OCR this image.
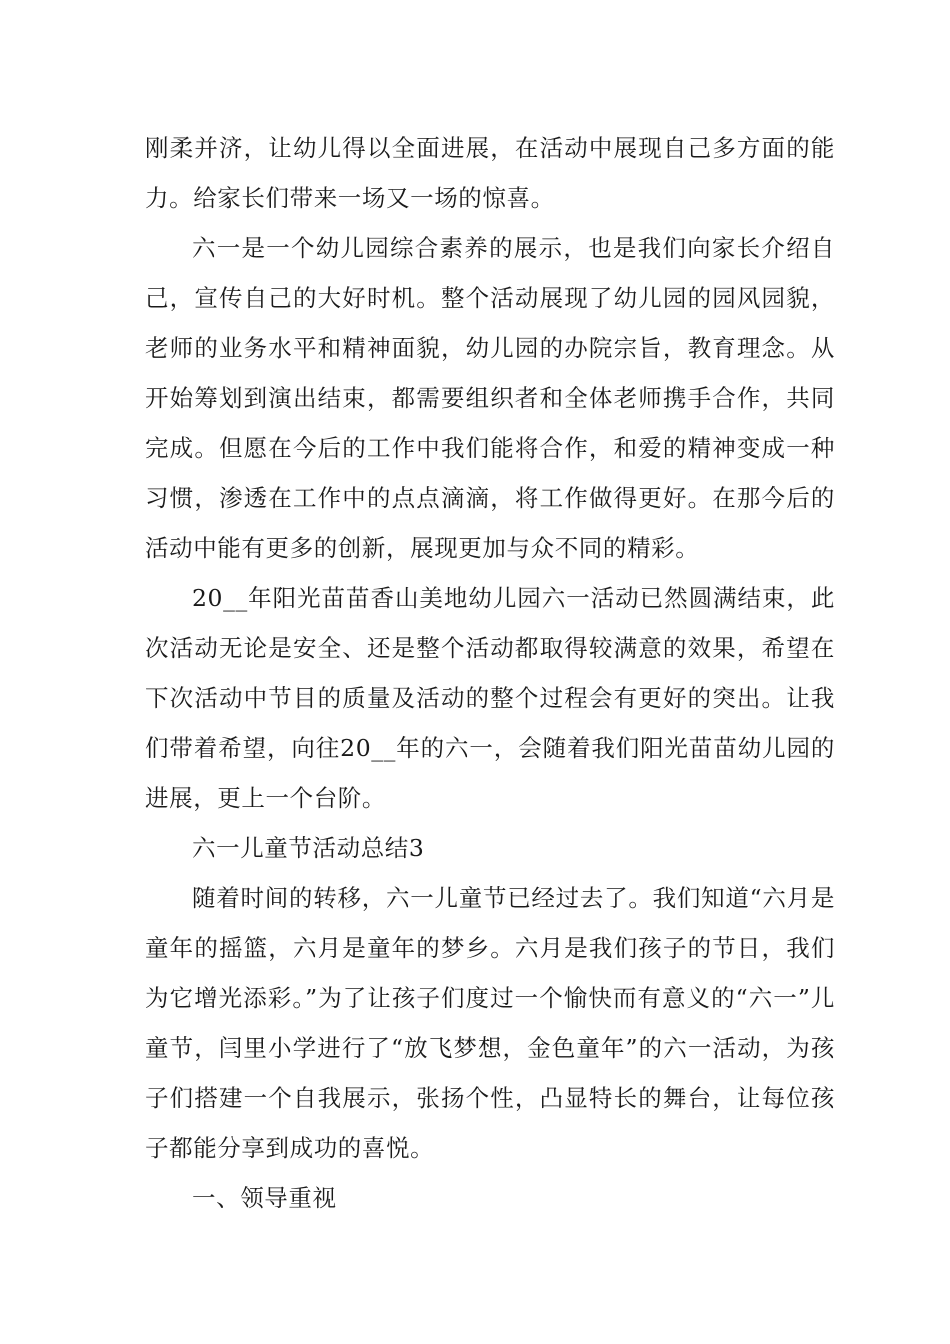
刚柔并济，让幼儿得以全面进展，在活动中展现自己多方面的能力。给家长们带来一场又一场的惊喜。

六一是一个幼儿园综合素养的展示，也是我们向家长介绍自己，宣传自己的大好时机。整个活动展现了幼儿园的园风园貌，老师的业务水平和精神面貌，幼儿园的办院宗旨，教育理念。从开始筹划到演出结束，都需要组织者和全体老师携手合作，共同完成。但愿在今后的工作中我们能将合作，和爱的精神变成一种习惯，渗透在工作中的点点滴滴，将工作做得更好。在那今后的活动中能有更多的创新，展现更加与众不同的精彩。

20__年阳光苗苗香山美地幼儿园六一活动已然圆满结束，此次活动无论是安全、还是整个活动都取得较满意的效果，希望在下次活动中节目的质量及活动的整个过程会有更好的突出。让我们带着希望，向往20__年的六一，会随着我们阳光苗苗幼儿园的进展，更上一个台阶。

六一儿童节活动总结3

随着时间的转移，六一儿童节已经过去了。我们知道“六月是童年的摇篮，六月是童年的梦乡。六月是我们孩子的节日，我们为它增光添彩。”为了让孩子们度过一个愉快而有意义的“六一”儿童节，闫里小学进行了“放飞梦想，金色童年”的六一活动，为孩子们搭建一个自我展示，张扬个性，凸显特长的舞台，让每位孩子都能分享到成功的喜悦。

一、领导重视
